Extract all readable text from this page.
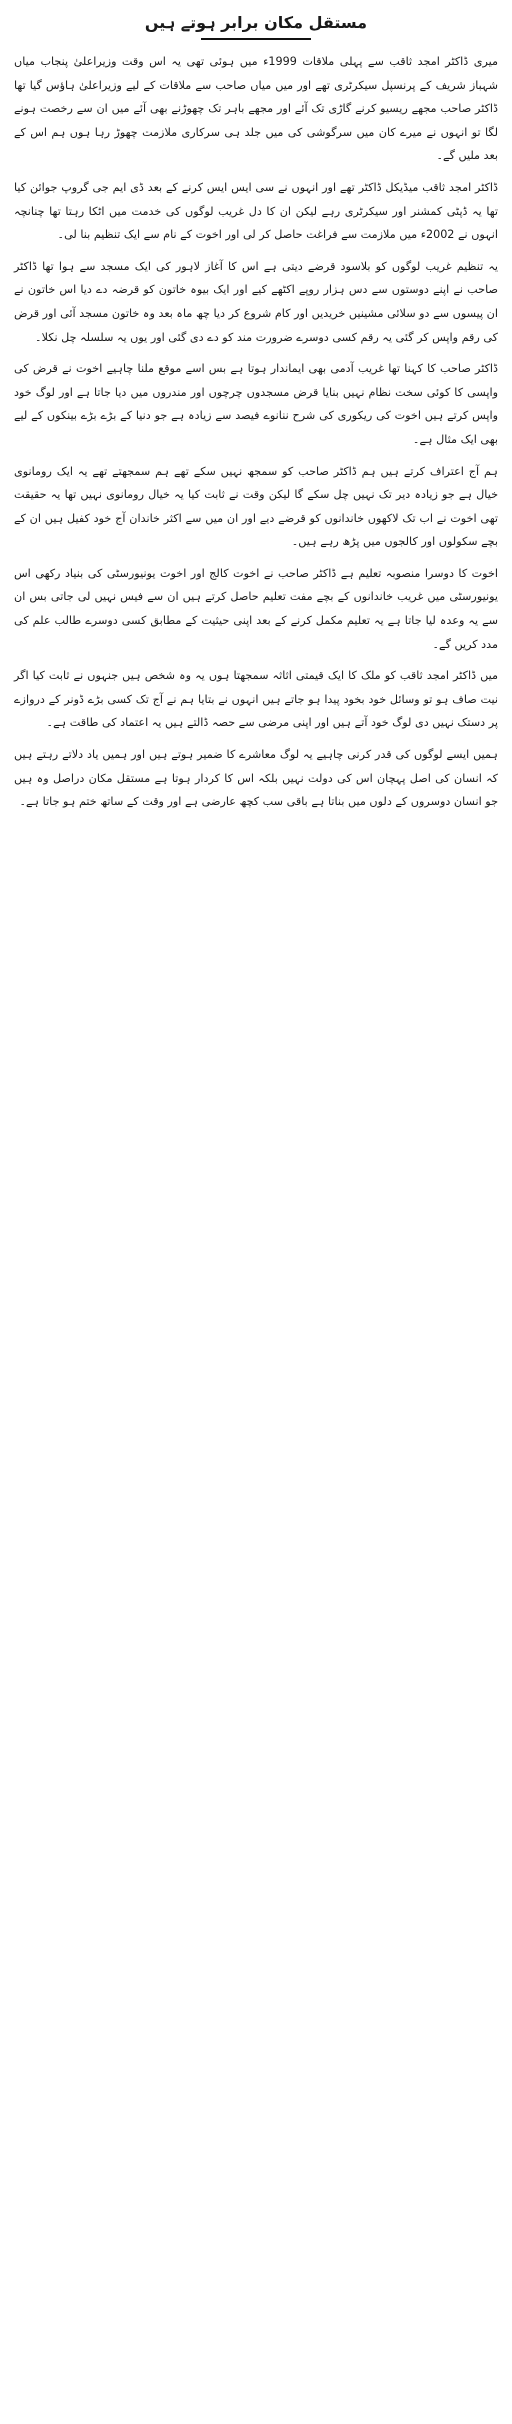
مستقل مکان برابر ہوتے ہیں

میری ڈاکٹر امجد ثاقب سے پہلی ملاقات 1999ء میں ہوئی تھی یہ اس وقت وزیراعلیٰ پنجاب میاں شہباز شریف کے پرنسپل سیکرٹری تھے اور میں میاں صاحب سے ملاقات کے لیے وزیراعلیٰ ہاؤس گیا تھا ڈاکٹر صاحب مجھے ریسیو کرنے گاڑی تک آئے اور مجھے باہر تک چھوڑنے بھی آئے میں ان سے رخصت ہونے لگا تو انہوں نے میرے کان میں سرگوشی کی میں جلد ہی سرکاری ملازمت چھوڑ رہا ہوں ہم اس کے بعد ملیں گے۔

ڈاکٹر امجد ثاقب میڈیکل ڈاکٹر تھے اور انہوں نے سی ایس ایس کرنے کے بعد ڈی ایم جی گروپ جوائن کیا تھا یہ ڈپٹی کمشنر اور سیکرٹری رہے لیکن ان کا دل غریب لوگوں کی خدمت میں اٹکا رہتا تھا چنانچہ انہوں نے 2002ء میں ملازمت سے فراغت حاصل کر لی اور اخوت کے نام سے ایک تنظیم بنا لی۔

یہ تنظیم غریب لوگوں کو بلاسود قرضے دیتی ہے اس کا آغاز لاہور کی ایک مسجد سے ہوا تھا ڈاکٹر صاحب نے اپنے دوستوں سے دس ہزار روپے اکٹھے کیے اور ایک بیوہ خاتون کو قرضہ دے دیا اس خاتون نے ان پیسوں سے دو سلائی مشینیں خریدیں اور کام شروع کر دیا چھ ماہ بعد وہ خاتون مسجد آئی اور قرض کی رقم واپس کر گئی یہ رقم کسی دوسرے ضرورت مند کو دے دی گئی اور یوں یہ سلسلہ چل نکلا۔

ڈاکٹر صاحب کا کہنا تھا غریب آدمی بھی ایماندار ہوتا ہے بس اسے موقع ملنا چاہیے اخوت نے قرض کی واپسی کا کوئی سخت نظام نہیں بنایا قرض مسجدوں چرچوں اور مندروں میں دیا جاتا ہے اور لوگ خود واپس کرتے ہیں اخوت کی ریکوری کی شرح ننانوے فیصد سے زیادہ ہے جو دنیا کے بڑے بڑے بینکوں کے لیے بھی ایک مثال ہے۔

ہم آج اعتراف کرتے ہیں ہم ڈاکٹر صاحب کو سمجھ نہیں سکے تھے ہم سمجھتے تھے یہ ایک رومانوی خیال ہے جو زیادہ دیر تک نہیں چل سکے گا لیکن وقت نے ثابت کیا یہ خیال رومانوی نہیں تھا یہ حقیقت تھی اخوت نے اب تک لاکھوں خاندانوں کو قرضے دیے اور ان میں سے اکثر خاندان آج خود کفیل ہیں ان کے بچے سکولوں اور کالجوں میں پڑھ رہے ہیں۔

اخوت کا دوسرا منصوبہ تعلیم ہے ڈاکٹر صاحب نے اخوت کالج اور اخوت یونیورسٹی کی بنیاد رکھی اس یونیورسٹی میں غریب خاندانوں کے بچے مفت تعلیم حاصل کرتے ہیں ان سے فیس نہیں لی جاتی بس ان سے یہ وعدہ لیا جاتا ہے یہ تعلیم مکمل کرنے کے بعد اپنی حیثیت کے مطابق کسی دوسرے طالب علم کی مدد کریں گے۔

میں ڈاکٹر امجد ثاقب کو ملک کا ایک قیمتی اثاثہ سمجھتا ہوں یہ وہ شخص ہیں جنہوں نے ثابت کیا اگر نیت صاف ہو تو وسائل خود بخود پیدا ہو جاتے ہیں انہوں نے بتایا ہم نے آج تک کسی بڑے ڈونر کے دروازے پر دستک نہیں دی لوگ خود آتے ہیں اور اپنی مرضی سے حصہ ڈالتے ہیں یہ اعتماد کی طاقت ہے۔

ہمیں ایسے لوگوں کی قدر کرنی چاہیے یہ لوگ معاشرے کا ضمیر ہوتے ہیں اور ہمیں یاد دلاتے رہتے ہیں کہ انسان کی اصل پہچان اس کی دولت نہیں بلکہ اس کا کردار ہوتا ہے مستقل مکان دراصل وہ ہیں جو انسان دوسروں کے دلوں میں بناتا ہے باقی سب کچھ عارضی ہے اور وقت کے ساتھ ختم ہو جاتا ہے۔
